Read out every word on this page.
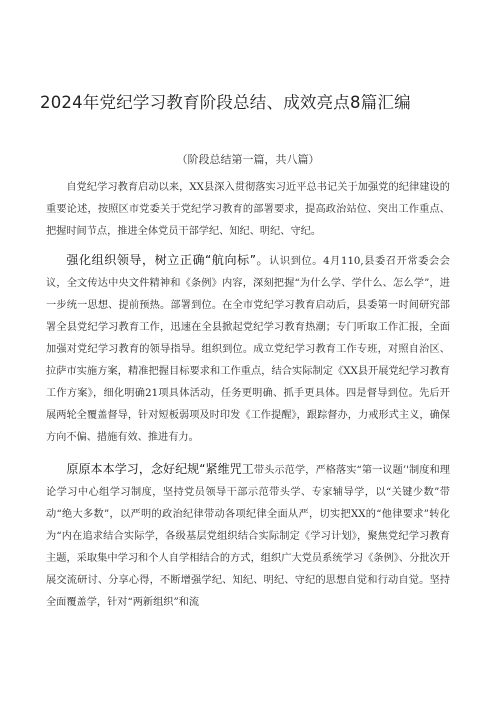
2024年党纪学习教育阶段总结、成效亮点8篇汇编
（阶段总结第一篇，共八篇）

自党纪学习教育启动以来，XX县深入贯彻落实习近平总书记关于加强党的纪律建设的重要论述，按照区市党委关于党纪学习教育的部署要求，提高政治站位、突出工作重点、把握时间节点，推进全体党员干部学纪、知纪、明纪、守纪。

强化组织领导，树立正确“航向标”。认识到位。4月110,县委召开常委会会议，全文传达中央文件精神和《条例》内容，深刻把握“为什么学、学什么、怎么学”，进一步统一思想、提前预热。部署到位。在全市党纪学习教育启动后，县委第一时间研究部署全县党纪学习教育工作，迅速在全县掀起党纪学习教育热潮；专门听取工作汇报，全面加强对党纪学习教育的领导指导。组织到位。成立党纪学习教育工作专班，对照自治区、拉萨市实施方案，精准把握目标要求和工作重点，结合实际制定《XX县开展党纪学习教育工作方案》，细化明确21项具体活动，任务更明确、抓手更具体。四是督导到位。先后开展两轮全覆盖督导，针对短板弱项及时印发《工作提醒》，跟踪督办，力戒形式主义，确保方向不偏、措施有效、推进有力。

原原本本学习，念好纪规“紧维咒工带头示范学，严格落实“第一议题’'制度和理论学习中心组学习制度，坚持党员领导干部示范带头学、专家辅导学，以“关键少数”带动“绝大多数”，以严明的政治纪律带动各项纪律全面从严，切实把XX的“他律要求”转化为“内在追求结合实际学，各级基层党组织结合实际制定《学习计划》，聚焦党纪学习教育主题，采取集中学习和个人自学相结合的方式，组织广大党员系统学习《条例》、分批次开展交流研讨、分享心得，不断增强学纪、知纪、明纪、守纪的思想自觉和行动自觉。坚持全面覆盖学，针对“两新组织”和流
